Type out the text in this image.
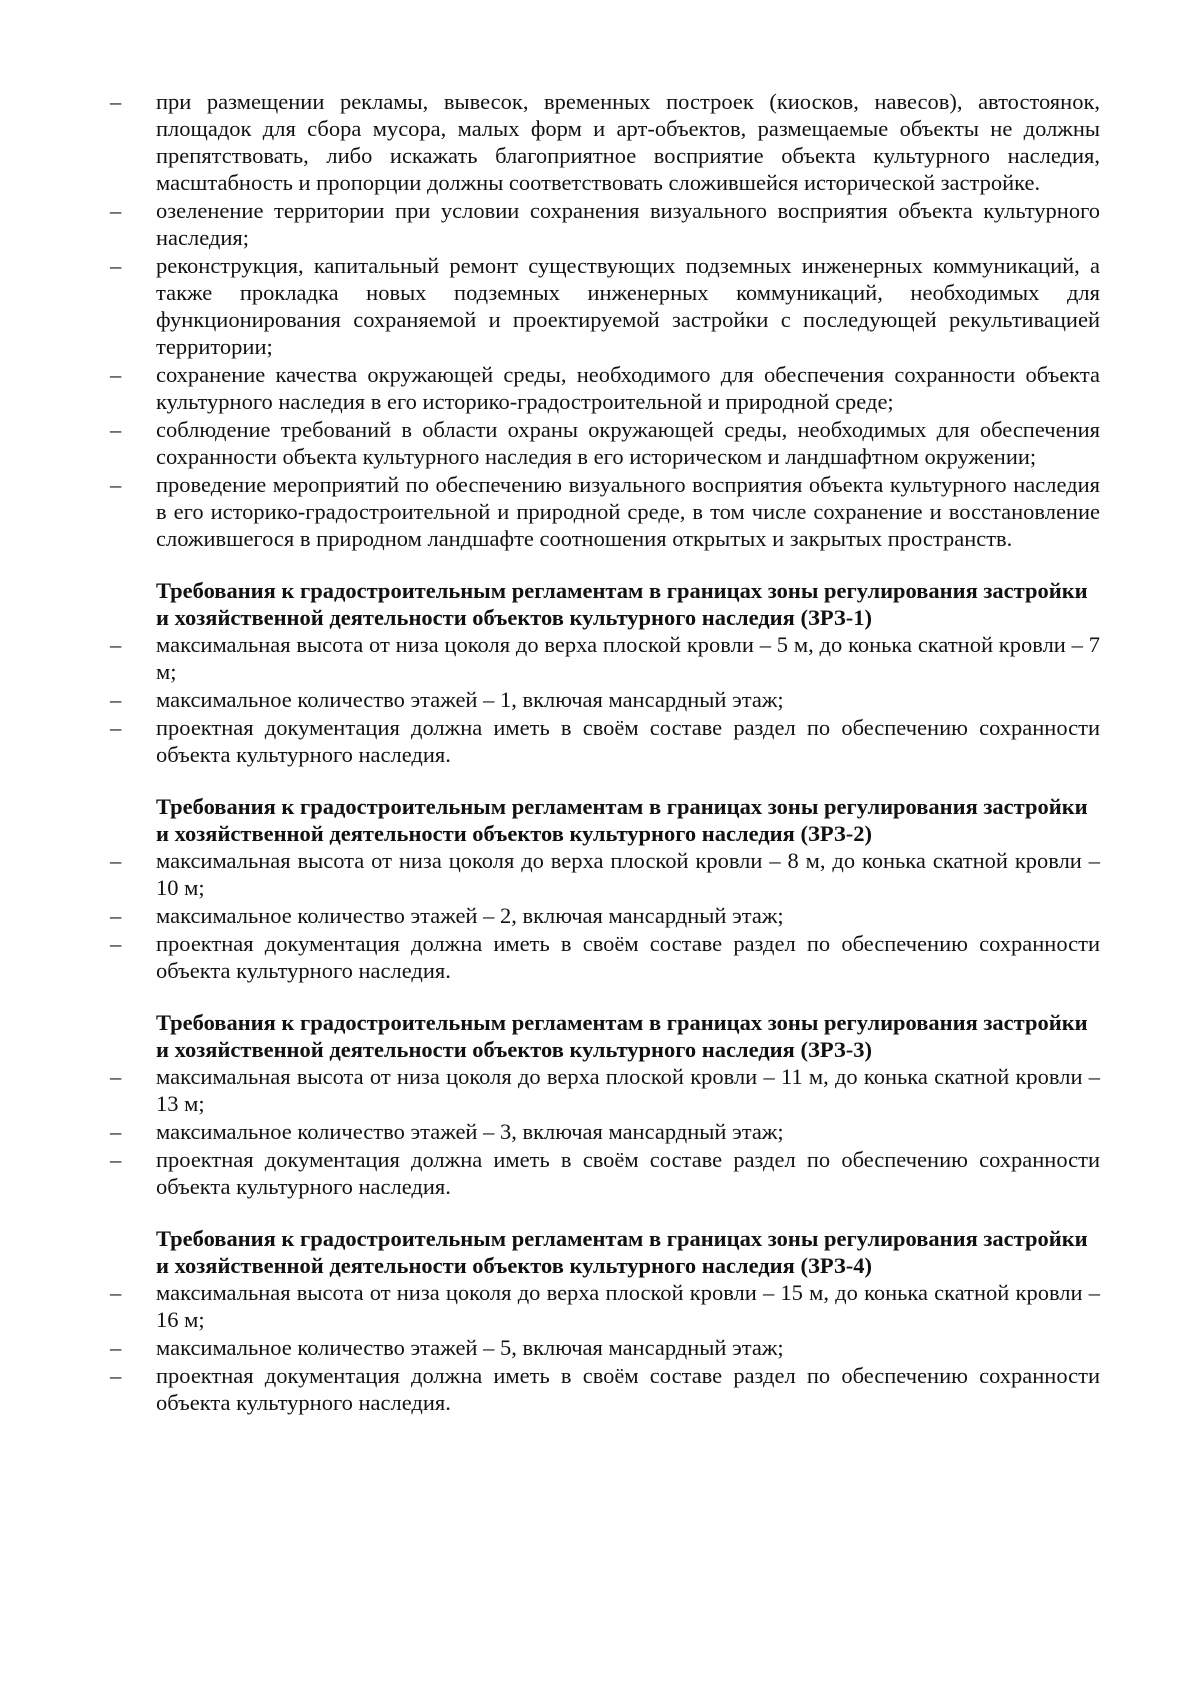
–	при размещении рекламы, вывесок, временных построек (киосков, навесов), автостоянок, площадок для сбора мусора, малых форм и арт-объектов, размещаемые объекты не должны препятствовать, либо искажать благоприятное восприятие объекта культурного наследия, масштабность и пропорции должны соответствовать сложившейся исторической застройке.
–	озеленение территории при условии сохранения визуального восприятия объекта культурного наследия;
–	реконструкция, капитальный ремонт существующих подземных инженерных коммуникаций, а также прокладка новых подземных инженерных коммуникаций, необходимых для функционирования сохраняемой и проектируемой застройки с последующей рекультивацией территории;
–	сохранение качества окружающей среды, необходимого для обеспечения сохранности объекта культурного наследия в его историко-градостроительной и природной среде;
–	соблюдение требований в области охраны окружающей среды, необходимых для обеспечения сохранности объекта культурного наследия в его историческом и ландшафтном окружении;
–	проведение мероприятий по обеспечению визуального восприятия объекта культурного наследия в его историко-градостроительной и природной среде, в том числе сохранение и восстановление сложившегося в природном ландшафте соотношения открытых и закрытых пространств.

Требования к градостроительным регламентам в границах зоны регулирования застройки и хозяйственной деятельности объектов культурного наследия (ЗРЗ-1)

–	максимальная высота от низа цоколя до верха плоской кровли – 5 м, до конька скатной кровли – 7 м;
–	максимальное количество этажей – 1, включая мансардный этаж;
–	проектная документация должна иметь в своём составе раздел по обеспечению сохранности объекта культурного наследия.

Требования к градостроительным регламентам в границах зоны регулирования застройки и хозяйственной деятельности объектов культурного наследия (ЗРЗ-2)

–	максимальная высота от низа цоколя до верха плоской кровли – 8 м, до конька скатной кровли – 10 м;
–	максимальное количество этажей – 2, включая мансардный этаж;
–	проектная документация должна иметь в своём составе раздел по обеспечению сохранности объекта культурного наследия.

Требования к градостроительным регламентам в границах зоны регулирования застройки и хозяйственной деятельности объектов культурного наследия (ЗРЗ-3)

–	максимальная высота от низа цоколя до верха плоской кровли – 11 м, до конька скатной кровли – 13 м;
–	максимальное количество этажей – 3, включая мансардный этаж;
–	проектная документация должна иметь в своём составе раздел по обеспечению сохранности объекта культурного наследия.

Требования к градостроительным регламентам в границах зоны регулирования застройки и хозяйственной деятельности объектов культурного наследия (ЗРЗ-4)

–	максимальная высота от низа цоколя до верха плоской кровли – 15 м, до конька скатной кровли – 16 м;
–	максимальное количество этажей – 5, включая мансардный этаж;
–	проектная документация должна иметь в своём составе раздел по обеспечению сохранности объекта культурного наследия.
